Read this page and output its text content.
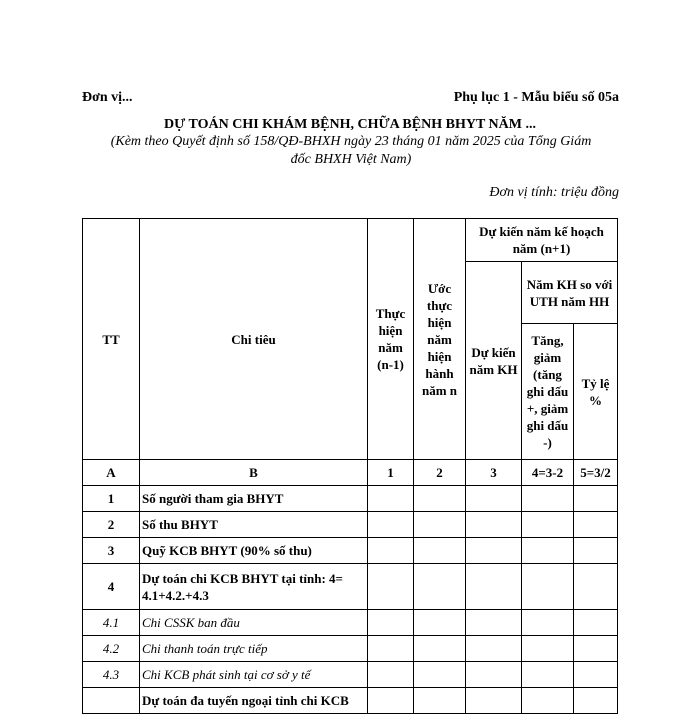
Đơn vị...	Phụ lục 1 - Mẫu biểu số 05a
DỰ TOÁN CHI KHÁM BỆNH, CHỮA BỆNH BHYT NĂM ...
(Kèm theo Quyết định số 158/QĐ-BHXH ngày 23 tháng 01 năm 2025 của Tổng Giám
đốc BHXH Việt Nam)
Đơn vị tính: triệu đồng
TT	Chi tiêu	Thực hiện năm (n-1)	Ước thực hiện năm hiện hành năm n	Dự kiến năm kế hoạch năm (n+1)		
				Dự kiến năm KH	Năm KH so với UTH năm HH	
					Tăng, giảm (tăng ghi dấu +, giảm ghi dấu -)	Tỷ lệ %
A	B	1	2	3	4=3-2	5=3/2
1	Số người tham gia BHYT					
2	Số thu BHYT					
3	Quỹ KCB BHYT (90% số thu)					
4	Dự toán chi KCB BHYT tại tỉnh: 4= 4.1+4.2.+4.3					
4.1	Chi CSSK ban đầu					
4.2	Chi thanh toán trực tiếp					
4.3	Chi KCB phát sinh tại cơ sở y tế					
	Dự toán đa tuyến ngoại tỉnh chi KCB					
